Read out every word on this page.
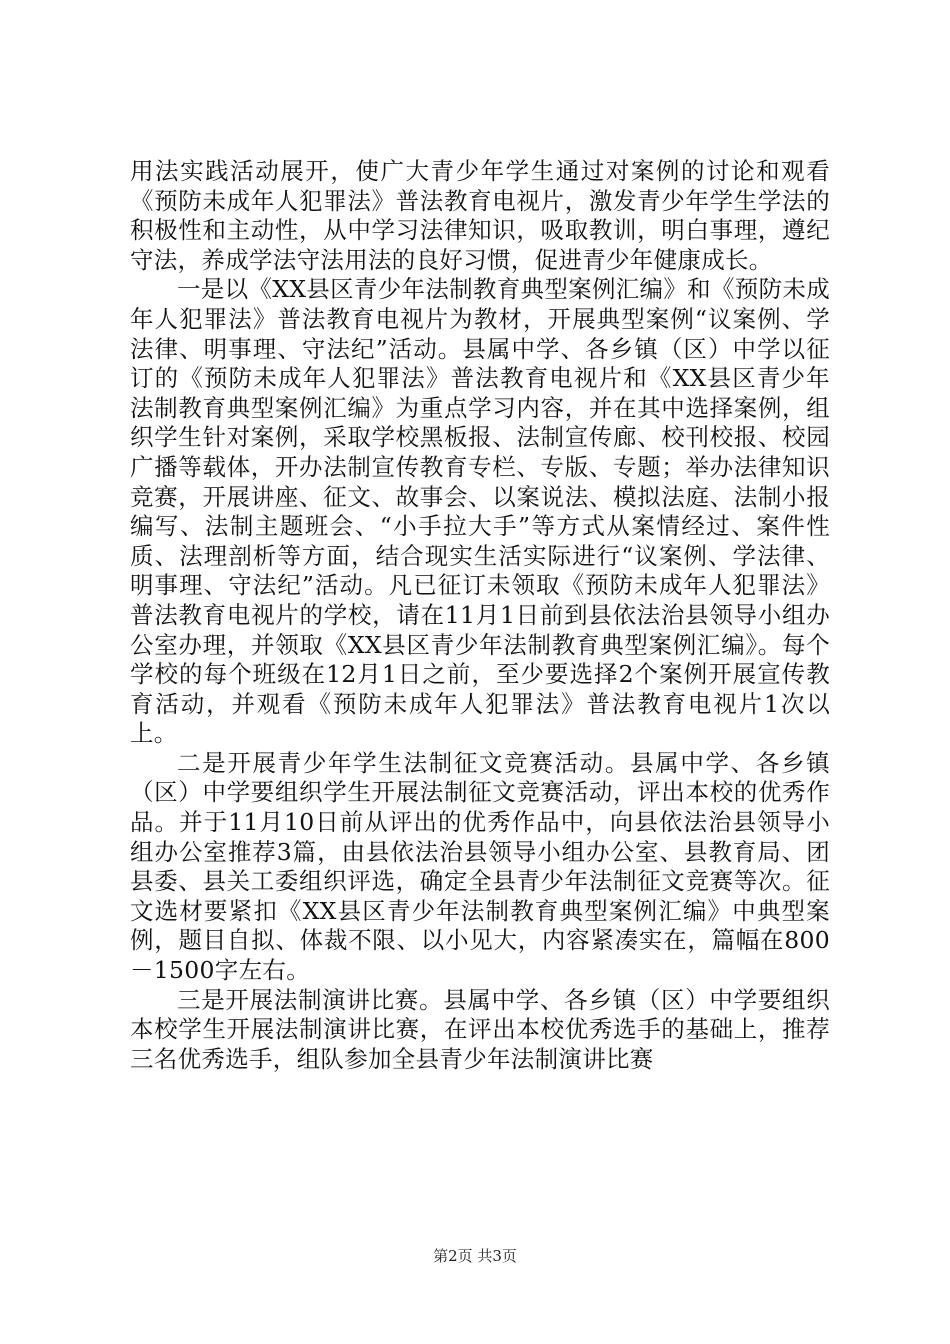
用法实践活动展开，使广大青少年学生通过对案例的讨论和观看《预防未成年人犯罪法》普法教育电视片，激发青少年学生学法的积极性和主动性，从中学习法律知识，吸取教训，明白事理，遵纪守法，养成学法守法用法的良好习惯，促进青少年健康成长。

一是以《XX县区青少年法制教育典型案例汇编》和《预防未成年人犯罪法》普法教育电视片为教材，开展典型案例“议案例、学法律、明事理、守法纪”活动。县属中学、各乡镇（区）中学以征订的《预防未成年人犯罪法》普法教育电视片和《XX县区青少年法制教育典型案例汇编》为重点学习内容，并在其中选择案例，组织学生针对案例，采取学校黑板报、法制宣传廊、校刊校报、校园广播等载体，开办法制宣传教育专栏、专版、专题；举办法律知识竞赛，开展讲座、征文、故事会、以案说法、模拟法庭、法制小报编写、法制主题班会、“小手拉大手”等方式从案情经过、案件性质、法理剖析等方面，结合现实生活实际进行“议案例、学法律、明事理、守法纪”活动。凡已征订未领取《预防未成年人犯罪法》普法教育电视片的学校，请在11月1日前到县依法治县领导小组办公室办理，并领取《XX县区青少年法制教育典型案例汇编》。每个学校的每个班级在12月1日之前，至少要选择2个案例开展宣传教育活动，并观看《预防未成年人犯罪法》普法教育电视片1次以上。

二是开展青少年学生法制征文竞赛活动。县属中学、各乡镇（区）中学要组织学生开展法制征文竞赛活动，评出本校的优秀作品。并于11月10日前从评出的优秀作品中，向县依法治县领导小组办公室推荐3篇，由县依法治县领导小组办公室、县教育局、团县委、县关工委组织评选，确定全县青少年法制征文竞赛等次。征文选材要紧扣《XX县区青少年法制教育典型案例汇编》中典型案例，题目自拟、体裁不限、以小见大，内容紧凑实在，篇幅在800－1500字左右。

三是开展法制演讲比赛。县属中学、各乡镇（区）中学要组织本校学生开展法制演讲比赛，在评出本校优秀选手的基础上，推荐三名优秀选手，组队参加全县青少年法制演讲比赛

第2页 共3页
